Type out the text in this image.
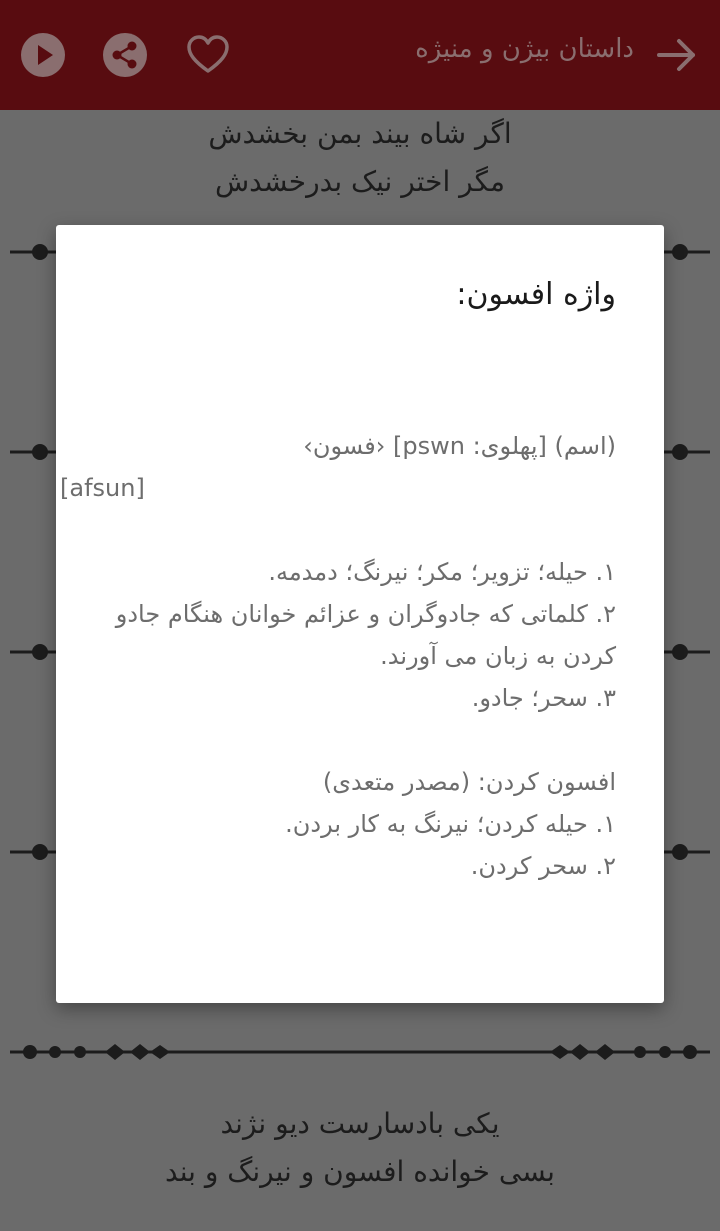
داستان بیژن و منیژه
اگر شاه بیند بمن بخشدش
مگر اختر نیک بدرخشدش
یکی بادسارست دیو نژند
بسی خوانده افسون و نیرنگ و بند
واژه افسون:

(اسم) [پهلوی: pswn] ‹فسون›

[afsun]

۱. حیله؛ تزویر؛ مکر؛ نیرنگ؛ دمدمه.

۲. کلماتی که جادوگران و عزائم خوانان هنگام جادو کردن به زبان می آورند.

۳. سحر؛ جادو.

افسون کردن: (مصدر متعدی)

۱. حیله کردن؛ نیرنگ به کار بردن.

۲. سحر کردن.
